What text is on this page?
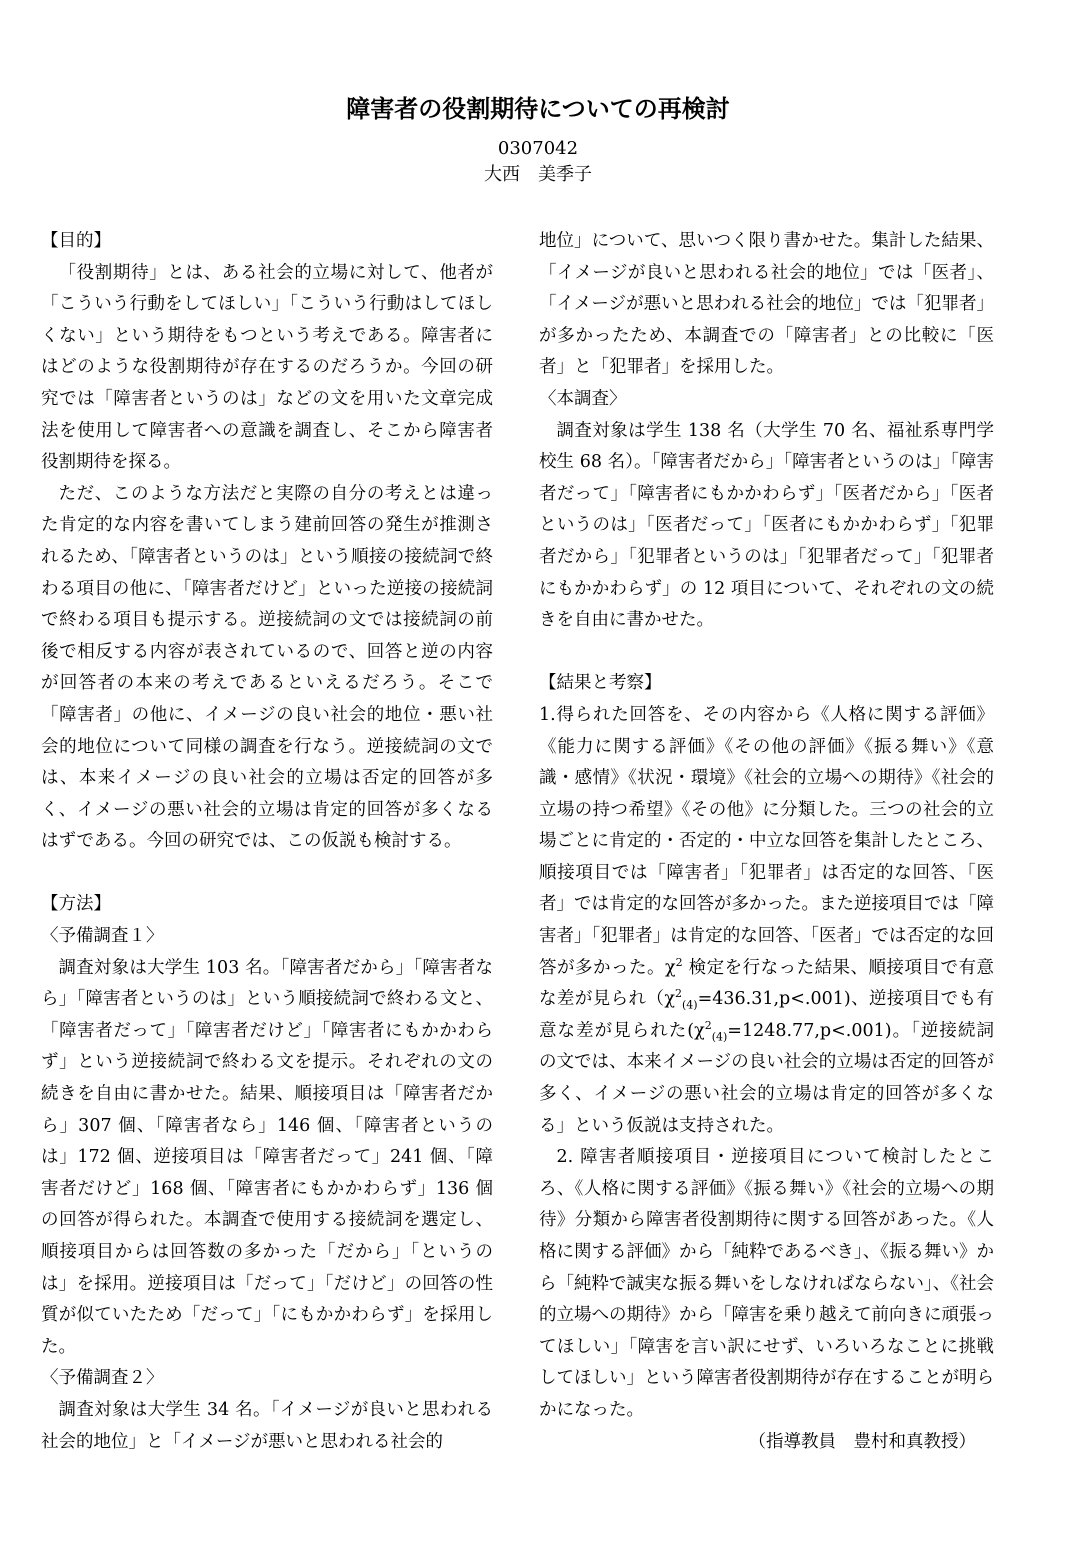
障害者の役割期待についての再検討
0307042
大西　美季子

【目的】

「役割期待」とは、ある社会的立場に対して、他者が「こういう行動をしてほしい」「こういう行動はしてほしくない」という期待をもつという考えである。障害者にはどのような役割期待が存在するのだろうか。今回の研究では「障害者というのは」などの文を用いた文章完成法を使用して障害者への意識を調査し、そこから障害者役割期待を探る。

ただ、このような方法だと実際の自分の考えとは違った肯定的な内容を書いてしまう建前回答の発生が推測されるため、「障害者というのは」という順接の接続詞で終わる項目の他に、「障害者だけど」といった逆接の接続詞で終わる項目も提示する。逆接続詞の文では接続詞の前後で相反する内容が表されているので、回答と逆の内容が回答者の本来の考えであるといえるだろう。そこで「障害者」の他に、イメージの良い社会的地位・悪い社会的地位について同様の調査を行なう。逆接続詞の文では、本来イメージの良い社会的立場は否定的回答が多く、イメージの悪い社会的立場は肯定的回答が多くなるはずである。今回の研究では、この仮説も検討する。

【方法】

〈予備調査１〉

調査対象は大学生 103 名。「障害者だから」「障害者なら」「障害者というのは」という順接続詞で終わる文と、「障害者だって」「障害者だけど」「障害者にもかかわらず」という逆接続詞で終わる文を提示。それぞれの文の続きを自由に書かせた。結果、順接項目は「障害者だから」307 個、「障害者なら」146 個、「障害者というのは」172 個、逆接項目は「障害者だって」241 個、「障害者だけど」168 個、「障害者にもかかわらず」136 個の回答が得られた。本調査で使用する接続詞を選定し、順接項目からは回答数の多かった「だから」「というのは」を採用。逆接項目は「だって」「だけど」の回答の性質が似ていたため「だって」「にもかかわらず」を採用した。

〈予備調査２〉

調査対象は大学生 34 名。「イメージが良いと思われる社会的地位」と「イメージが悪いと思われる社会的

地位」について、思いつく限り書かせた。集計した結果、「イメージが良いと思われる社会的地位」では「医者」、「イメージが悪いと思われる社会的地位」では「犯罪者」が多かったため、本調査での「障害者」との比較に「医者」と「犯罪者」を採用した。

〈本調査〉

調査対象は学生 138 名（大学生 70 名、福祉系専門学校生 68 名）。「障害者だから」「障害者というのは」「障害者だって」「障害者にもかかわらず」「医者だから」「医者というのは」「医者だって」「医者にもかかわらず」「犯罪者だから」「犯罪者というのは」「犯罪者だって」「犯罪者にもかかわらず」の 12 項目について、それぞれの文の続きを自由に書かせた。

【結果と考察】

1.得られた回答を、その内容から《人格に関する評価》《能力に関する評価》《その他の評価》《振る舞い》《意識・感情》《状況・環境》《社会的立場への期待》《社会的立場の持つ希望》《その他》に分類した。三つの社会的立場ごとに肯定的・否定的・中立な回答を集計したところ、順接項目では「障害者」「犯罪者」は否定的な回答、「医者」では肯定的な回答が多かった。また逆接項目では「障害者」「犯罪者」は肯定的な回答、「医者」では否定的な回答が多かった。$\chi^2$ 検定を行なった結果、順接項目で有意な差が見られ$(\chi^2_{(4)}=436.31,p<.001)$、逆接項目でも有意な差が見られた$(\chi^2_{(4)}=1248.77,p<.001)$。「逆接続詞の文では、本来イメージの良い社会的立場は否定的回答が多く、イメージの悪い社会的立場は肯定的回答が多くなる」という仮説は支持された。

2. 障害者順接項目・逆接項目について検討したところ、《人格に関する評価》《振る舞い》《社会的立場への期待》分類から障害者役割期待に関する回答があった。《人格に関する評価》から「純粋であるべき」、《振る舞い》から「純粋で誠実な振る舞いをしなければならない」、《社会的立場への期待》から「障害を乗り越えて前向きに頑張ってほしい」「障害を言い訳にせず、いろいろなことに挑戦してほしい」という障害者役割期待が存在することが明らかになった。

（指導教員　豊村和真教授）
